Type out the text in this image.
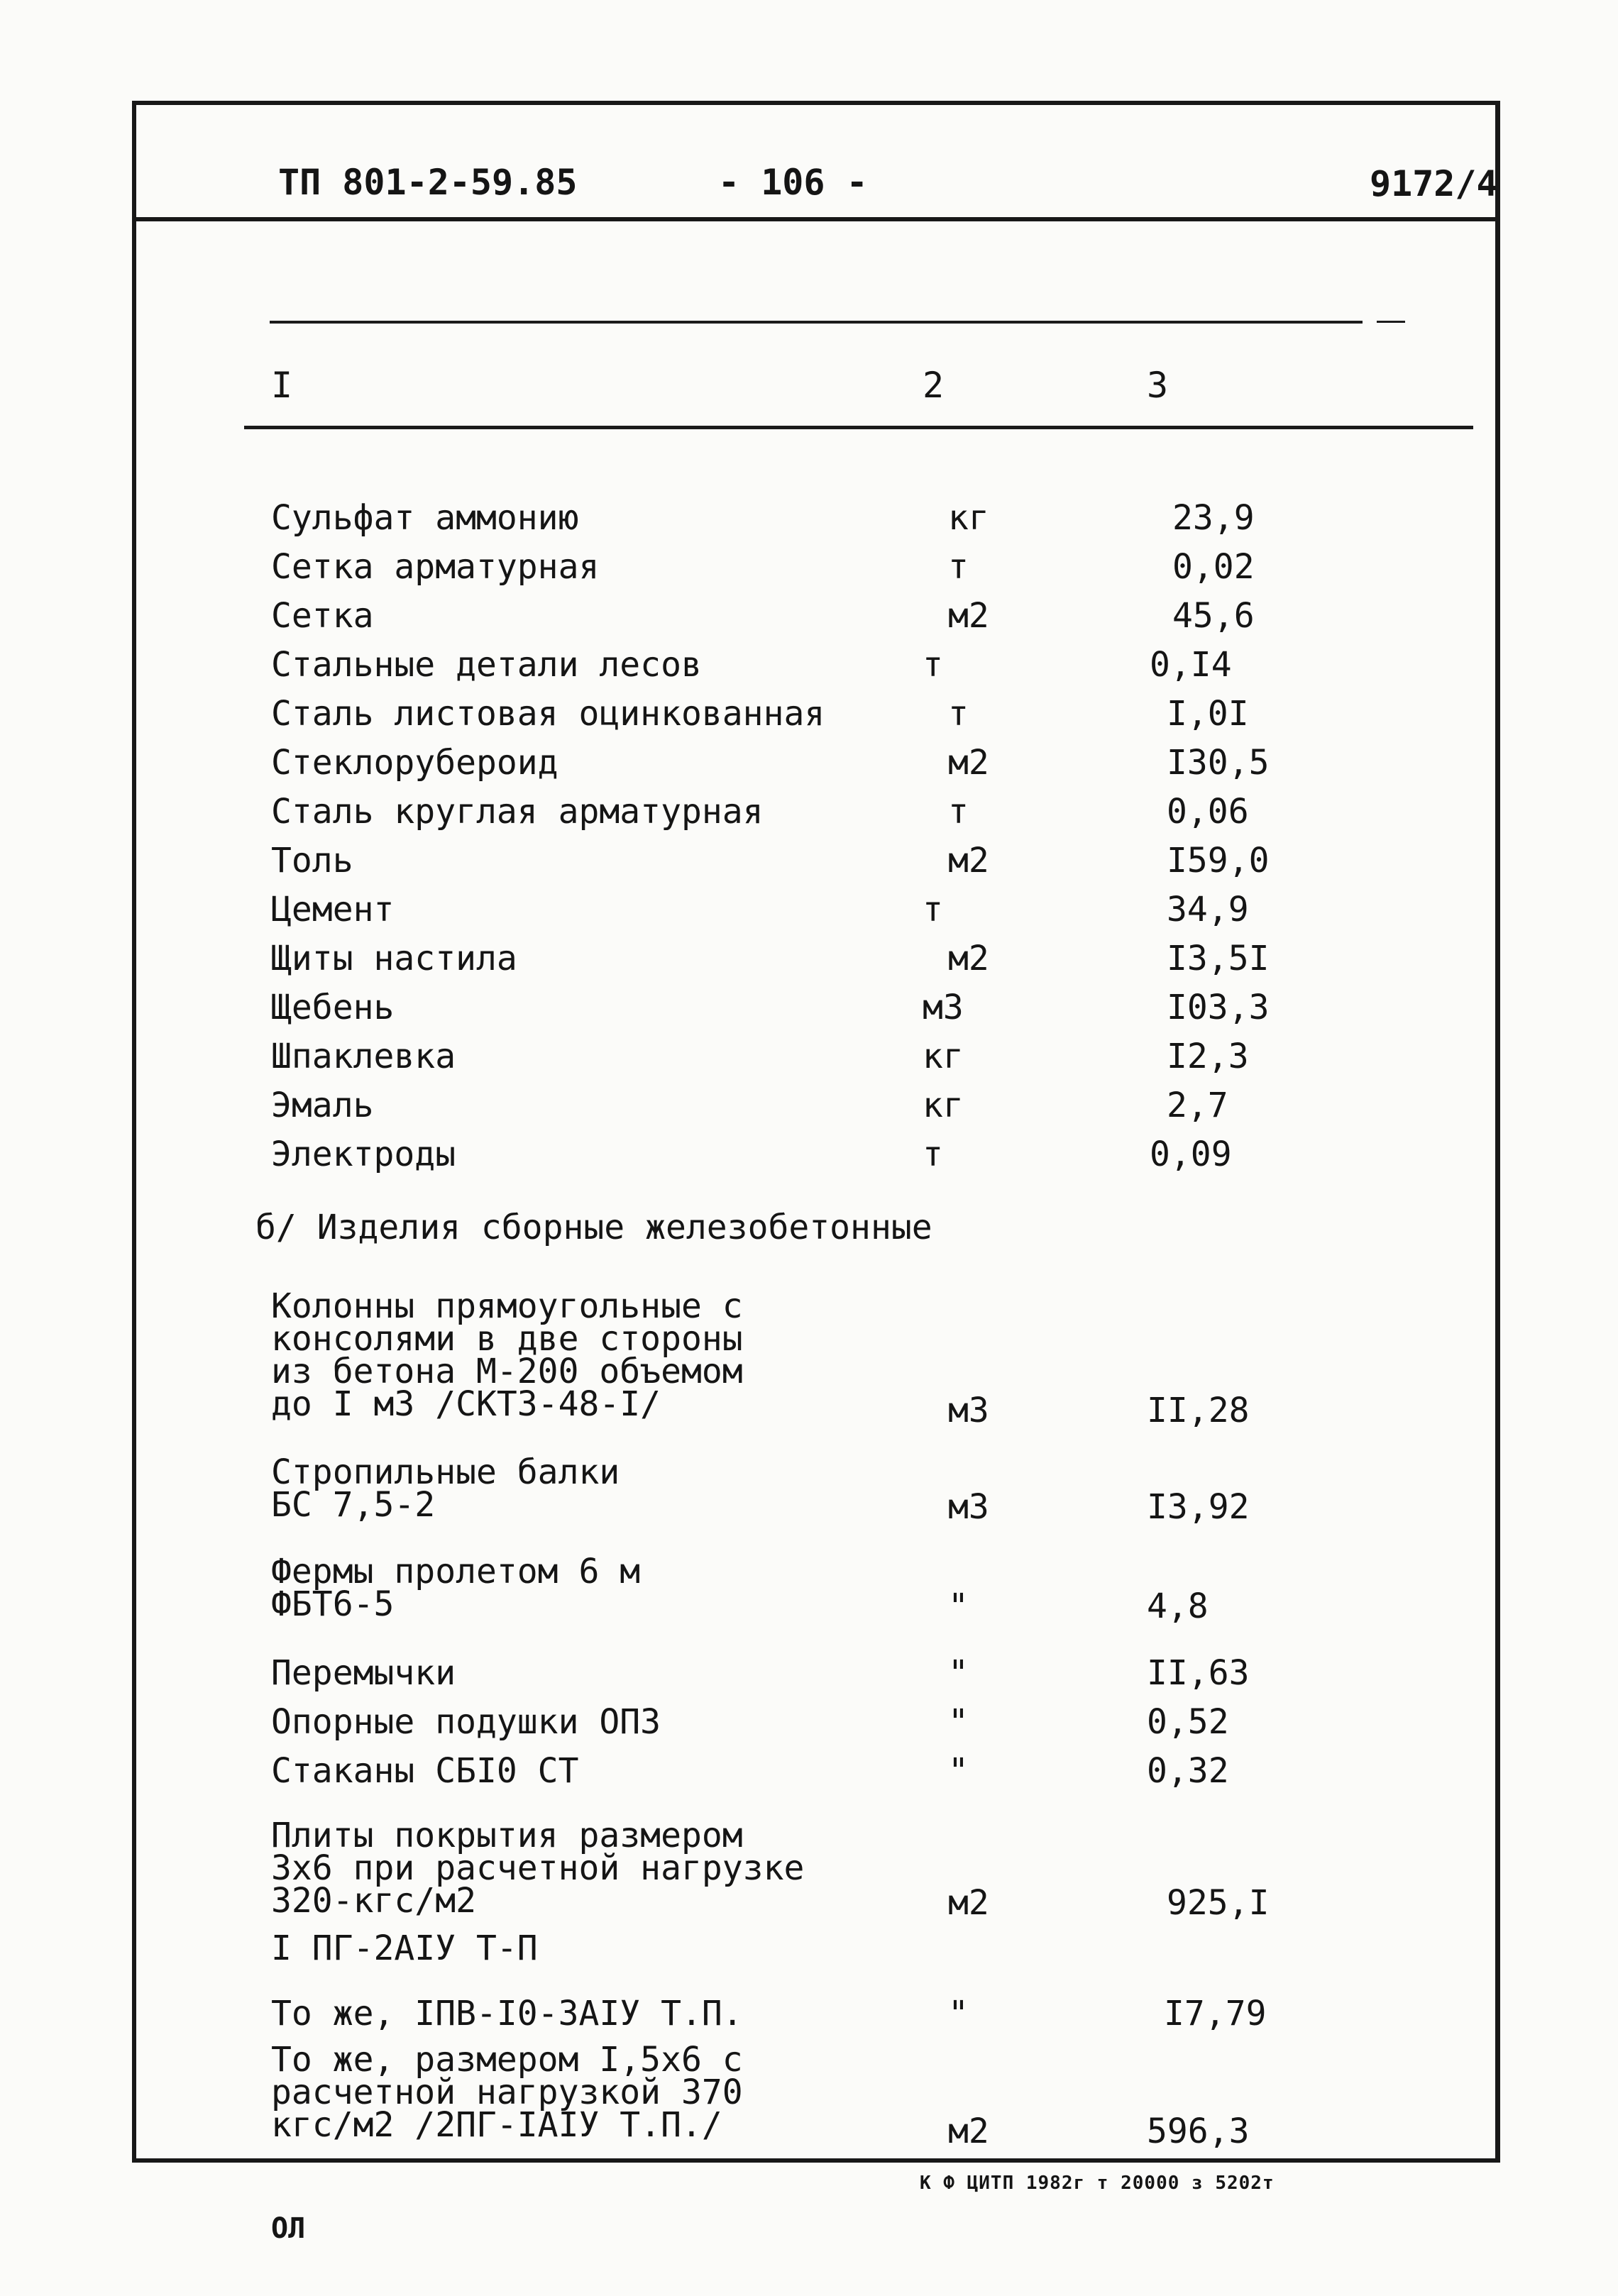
ТП 801-2-59.85	- 106 -	9172/4
I	2	3
Сульфат аммонию	кг	23,9
Сетка арматурная	т	0,02
Сетка	м2	45,6
Стальные детали лесов	т	0,I4
Сталь листовая оцинкованная	т	I,0I
Стеклорубероид	м2	I30,5
Сталь круглая арматурная	т	0,06
Толь	м2	I59,0
Цемент	т	34,9
Щиты настила	м2	I3,5I
Щебень	м3	I03,3
Шпаклевка	кг	I2,3
Эмаль	кг	2,7
Электроды	т	0,09
б/ Изделия сборные железобетонные
Колонны прямоугольные с
консолями в две стороны
из бетона М-200 объемом
до I м3 /СКТ3-48-I/	м3	II,28
Стропильные балки
БС 7,5-2	м3	I3,92
Фермы пролетом 6 м
ФБТ6-5	"	4,8
Перемычки	"	II,63
Опорные подушки ОПЗ	"	0,52
Стаканы СБI0 СТ	"	0,32
Плиты покрытия размером
3х6 при расчетной нагрузке
320-кгс/м2	м2	925,I
I ПГ-2АIУ Т-П
То же, IПВ-I0-3АIУ Т.П.	"	I7,79
То же, размером I,5х6 с
расчетной нагрузкой 370
кгс/м2 /2ПГ-IАIУ Т.П./	м2	596,3
К Ф ЦИТП 1982г т 20000 з 5202т
ОЛ
